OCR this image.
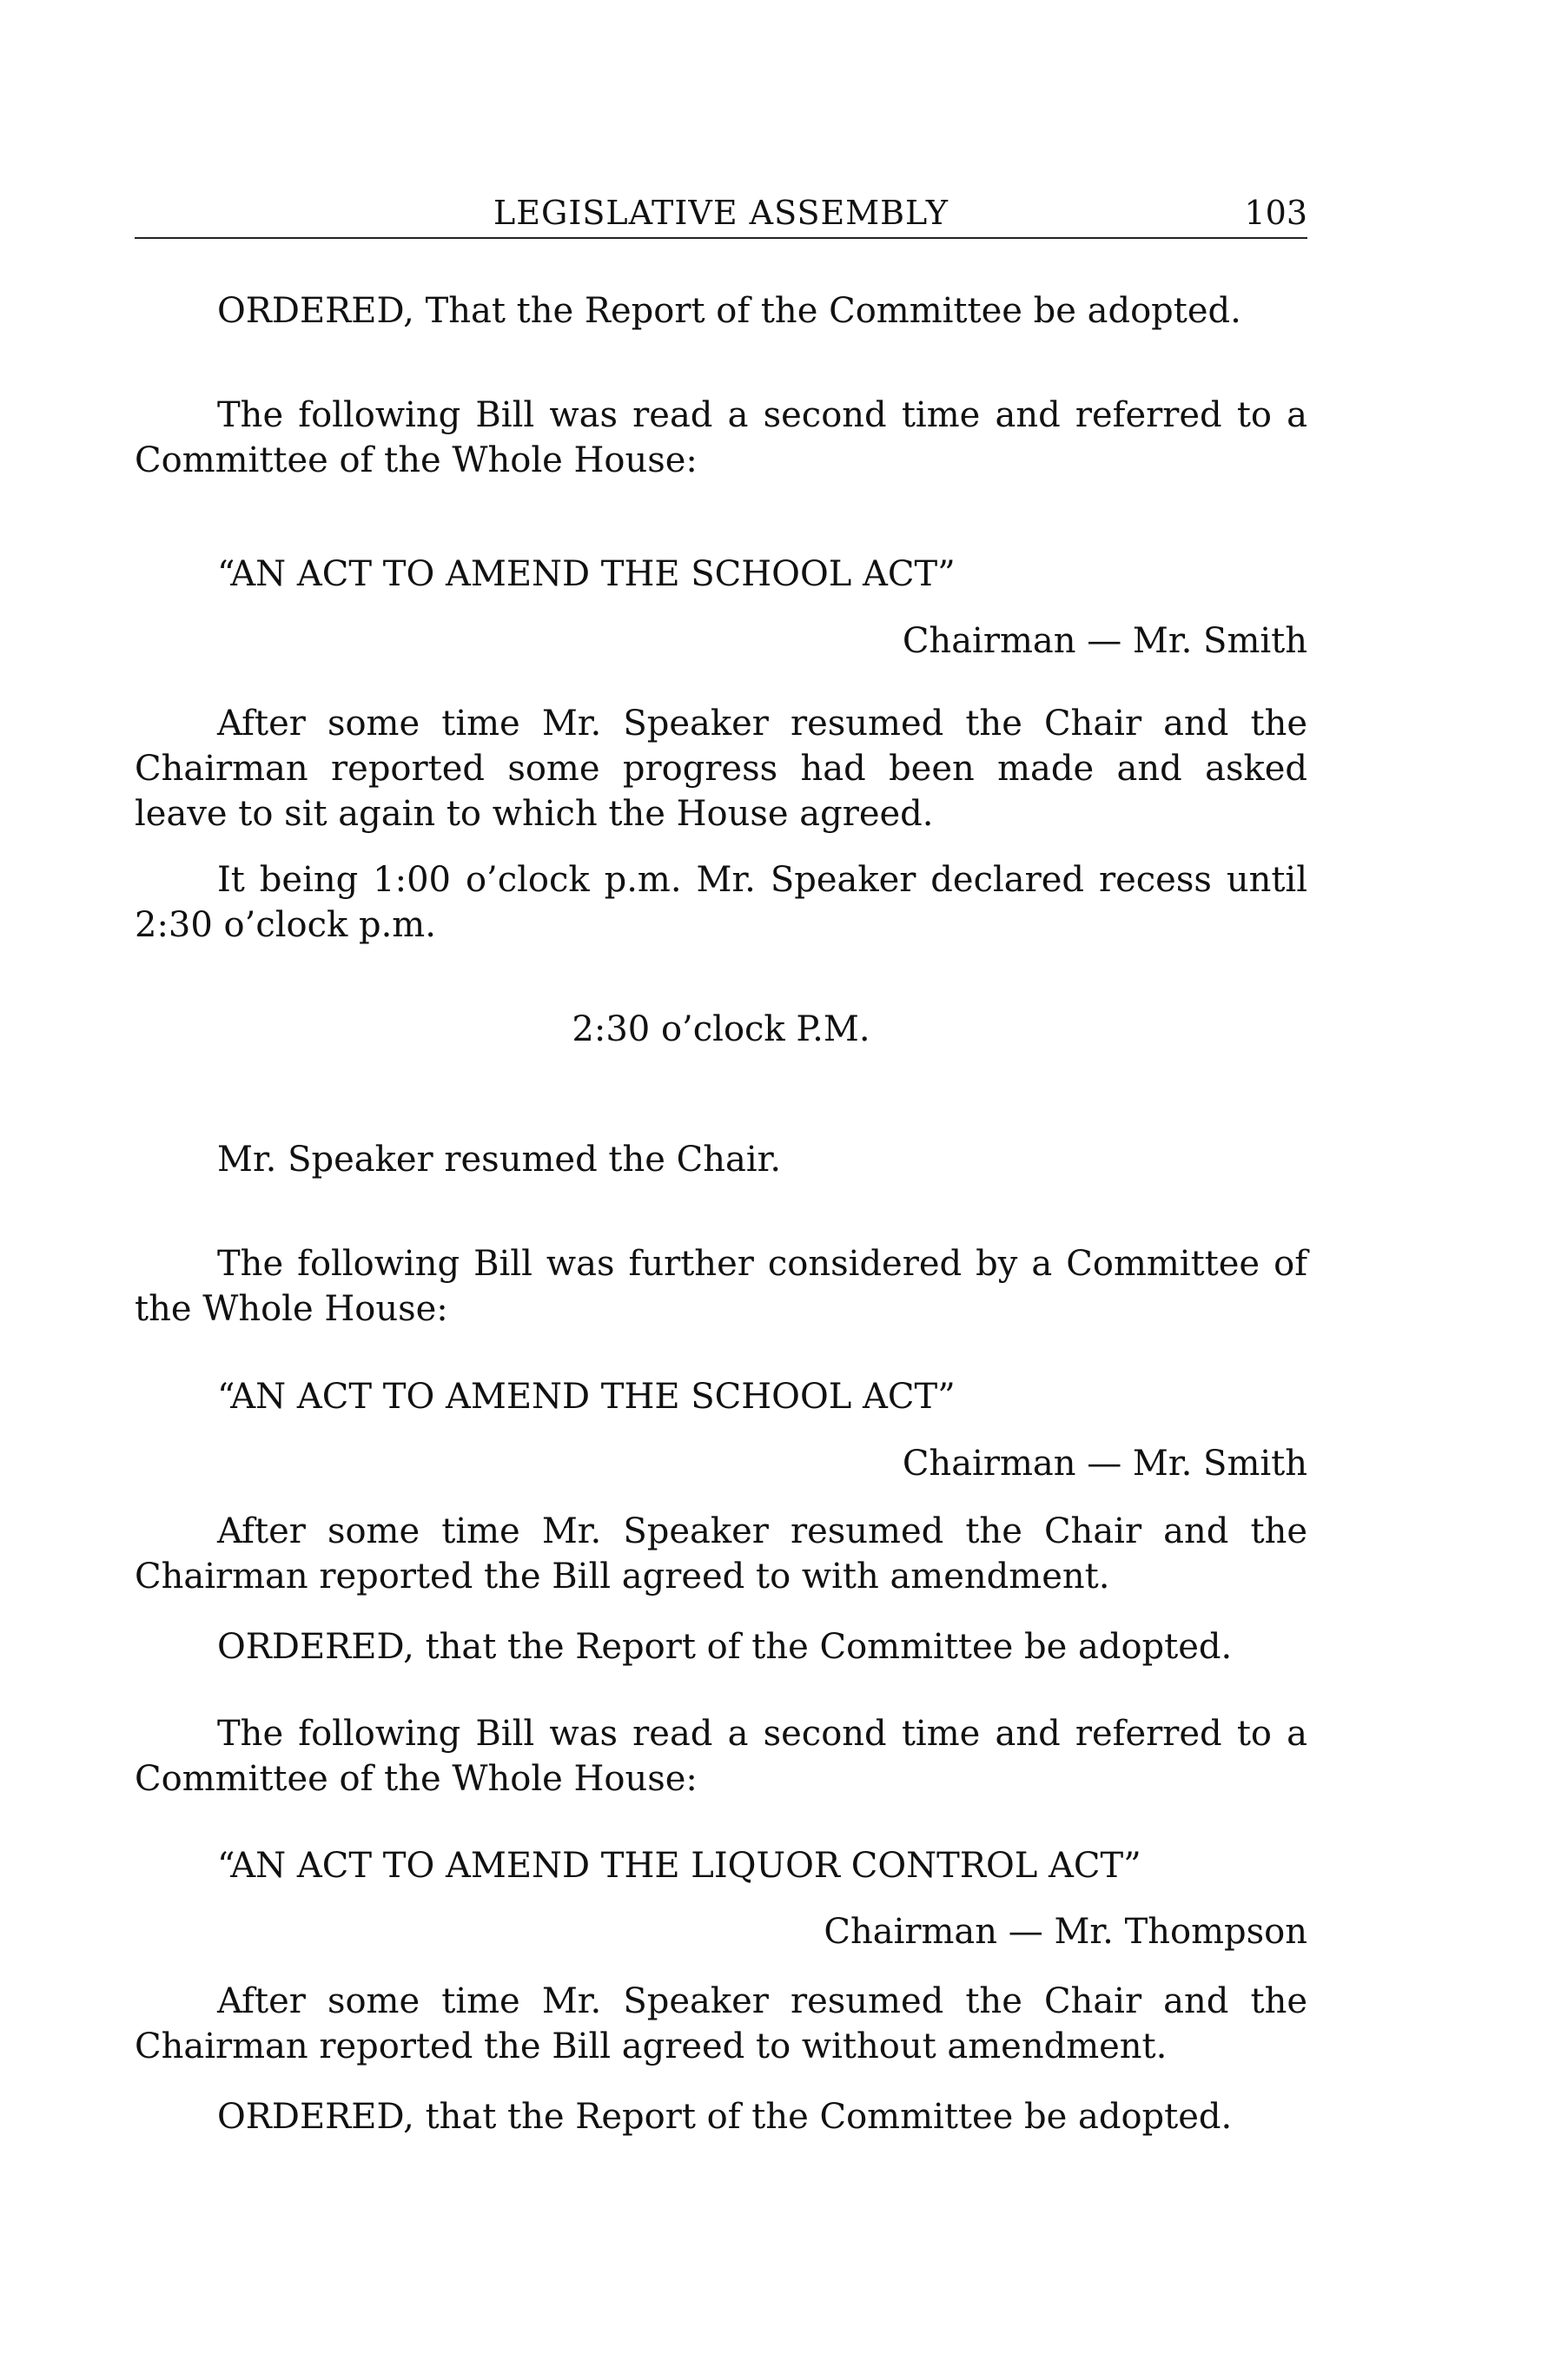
LEGISLATIVE ASSEMBLY	103
ORDERED, That the Report of the Committee be adopted.
The following Bill was read a second time and referred to a Committee of the Whole House:
“AN ACT TO AMEND THE SCHOOL ACT”
Chairman — Mr. Smith
After some time Mr. Speaker resumed the Chair and the Chairman reported some progress had been made and asked leave to sit again to which the House agreed.
It being 1:00 o’clock p.m. Mr. Speaker declared recess until 2:30 o’clock p.m.
2:30 o’clock P.M.
Mr. Speaker resumed the Chair.
The following Bill was further considered by a Committee of the Whole House:
“AN ACT TO AMEND THE SCHOOL ACT”
Chairman — Mr. Smith
After some time Mr. Speaker resumed the Chair and the Chairman reported the Bill agreed to with amendment.
ORDERED, that the Report of the Committee be adopted.
The following Bill was read a second time and referred to a Committee of the Whole House:
“AN ACT TO AMEND THE LIQUOR CONTROL ACT”
Chairman — Mr. Thompson
After some time Mr. Speaker resumed the Chair and the Chairman reported the Bill agreed to without amendment.
ORDERED, that the Report of the Committee be adopted.
